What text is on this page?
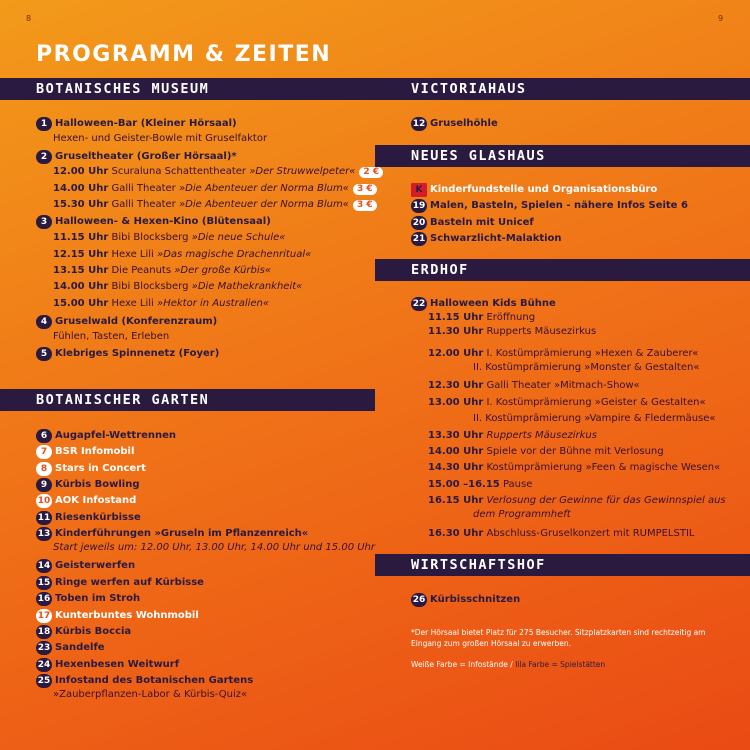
8	9
PROGRAMM & ZEITEN
BOTANISCHES MUSEUM
1 Halloween-Bar (Kleiner Hörsaal)
Hexen- und Geister-Bowle mit Gruselfaktor
2 Gruseltheater (Großer Hörsaal)*
12.00 Uhr Scuraluna Schattentheater »Der Struwwelpeter« 2 €
14.00 Uhr Galli Theater »Die Abenteuer der Norma Blum« 3 €
15.30 Uhr Galli Theater »Die Abenteuer der Norma Blum« 3 €
3 Halloween- & Hexen-Kino (Blütensaal)
11.15 Uhr Bibi Blocksberg »Die neue Schule«
12.15 Uhr Hexe Lili »Das magische Drachenritual«
13.15 Uhr Die Peanuts »Der große Kürbis«
14.00 Uhr Bibi Blocksberg »Die Mathekrankheit«
15.00 Uhr Hexe Lili »Hektor in Australien«
4 Gruselwald (Konferenzraum)
Fühlen, Tasten, Erleben
5 Klebriges Spinnenetz (Foyer)
BOTANISCHER GARTEN
6 Augapfel-Wettrennen
7 BSR Infomobil
8 Stars in Concert
9 Kürbis Bowling
10 AOK Infostand
11 Riesenkürbisse
13 Kinderführungen »Gruseln im Pflanzenreich«
Start jeweils um: 12.00 Uhr, 13.00 Uhr, 14.00 Uhr und 15.00 Uhr
14 Geisterwerfen
15 Ringe werfen auf Kürbisse
16 Toben im Stroh
17 Kunterbuntes Wohnmobil
18 Kürbis Boccia
23 Sandelfe
24 Hexenbesen Weitwurf
25 Infostand des Botanischen Gartens
»Zauberpflanzen-Labor & Kürbis-Quiz«
VICTORIAHAUS
12 Gruselhöhle
NEUES GLASHAUS
K Kinderfundstelle und Organisationsbüro
19 Malen, Basteln, Spielen - nähere Infos Seite 6
20 Basteln mit Unicef
21 Schwarzlicht-Malaktion
ERDHOF
22 Halloween Kids Bühne
11.15 Uhr Eröffnung
11.30 Uhr Rupperts Mäusezirkus
12.00 Uhr I. Kostümprämierung »Hexen & Zauberer«
II. Kostümprämierung »Monster & Gestalten«
12.30 Uhr Galli Theater »Mitmach-Show«
13.00 Uhr I. Kostümprämierung »Geister & Gestalten«
II. Kostümprämierung »Vampire & Fledermäuse«
13.30 Uhr Rupperts Mäusezirkus
14.00 Uhr Spiele vor der Bühne mit Verlosung
14.30 Uhr Kostümprämierung »Feen & magische Wesen«
15.00 –16.15 Pause
16.15 Uhr Verlosung der Gewinne für das Gewinnspiel aus
dem Programmheft
16.30 Uhr Abschluss-Gruselkonzert mit RUMPELSTIL
WIRTSCHAFTSHOF
26 Kürbisschnitzen
*Der Hörsaal bietet Platz für 275 Besucher. Sitzplatzkarten sind rechtzeitig am
Eingang zum großen Hörsaal zu erwerben.
Weiße Farbe = Infostände / lila Farbe = Spielstätten
